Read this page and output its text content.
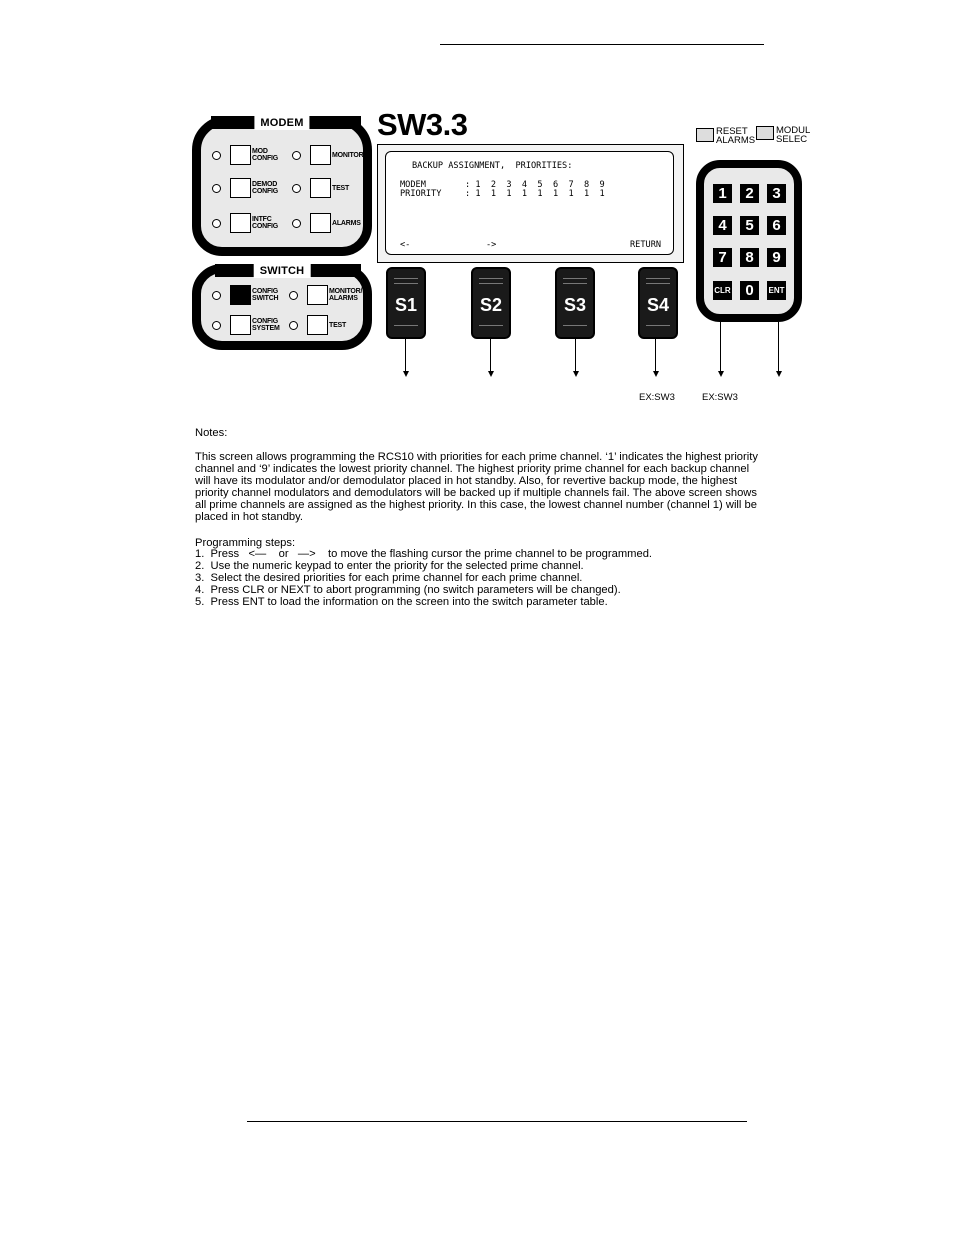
SW3.3
MODEM
MOD
CONFIG	MONITOR
DEMOD
CONFIG	TEST
INTFC
CONFIG	ALARMS
SWITCH
CONFIG
SWITCH
MONITOR/
ALARMS
CONFIG
SYSTEM	TEST
BACKUP ASSIGNMENT,  PRIORITIES:
MODEM	: 1  2  3  4  5  6  7  8  9
PRIORITY	: 1  1  1  1  1  1  1  1  1
<-	->	RETURN
S1	S2	S3	S4
RESET
ALARMS
MODUL
SELEC
1	2	3
4	5	6
7	8	9
CLR 0	ENT
EX:SW3	EX:SW3
Notes:
This screen allows programming the RCS10 with priorities for each prime channel. ‘1’ indicates the highest priority channel and ‘9’ indicates the lowest priority channel. The highest priority prime channel for each backup channel will have its modulator and/or demodulator placed in hot standby. Also, for revertive backup mode, the highest priority channel modulators and demodulators will be backed up if multiple channels fail. The above screen shows all prime channels are assigned as the highest priority. In this case, the lowest channel number (channel 1) will be placed in hot standby.
Programming steps:
1.  Press   <—    or   —>    to move the flashing cursor the prime channel to be programmed.
2.  Use the numeric keypad to enter the priority for the selected prime channel.
3.  Select the desired priorities for each prime channel for each prime channel.
4.  Press CLR or NEXT to abort programming (no switch parameters will be changed).
5.  Press ENT to load the information on the screen into the switch parameter table.
